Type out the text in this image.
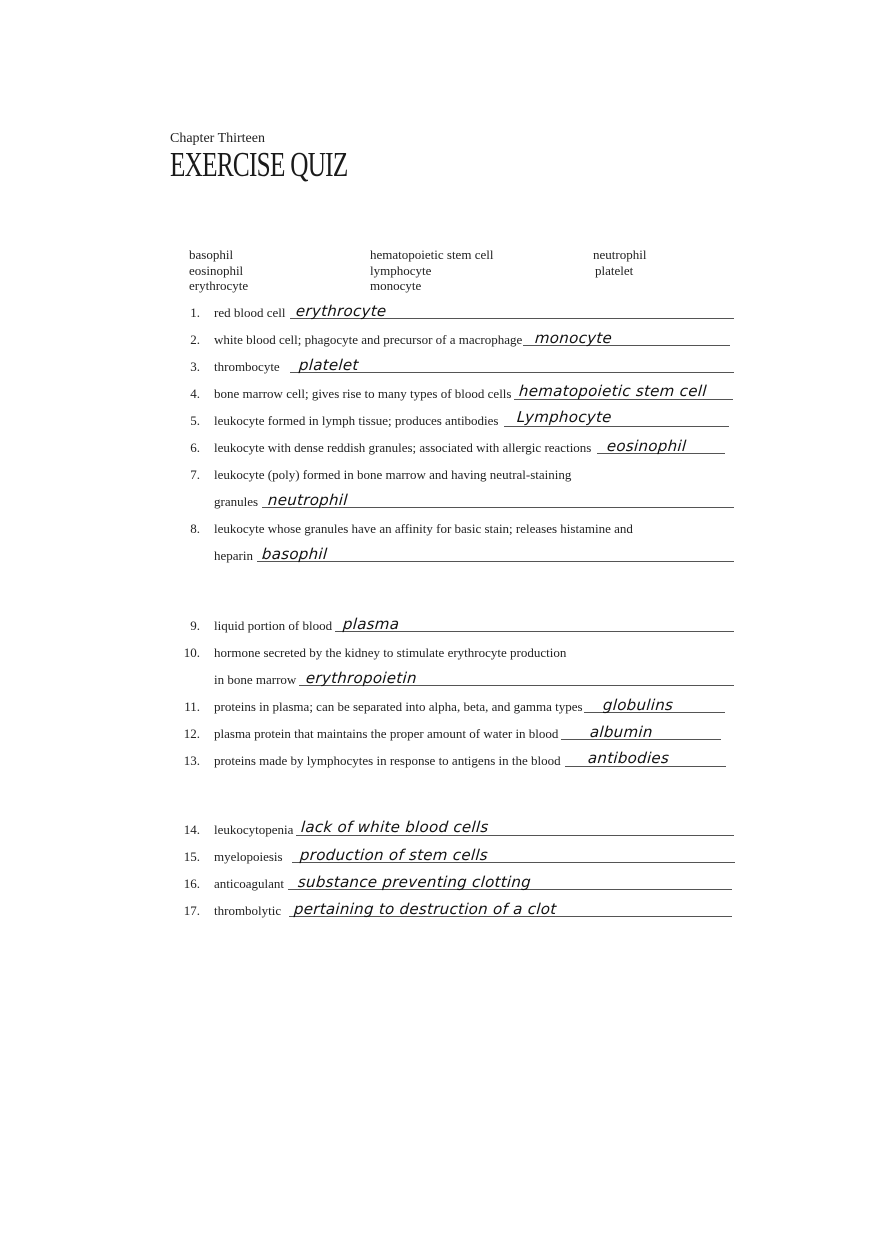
Chapter Thirteen
EXERCISE QUIZ
basophil
eosinophil
erythrocyte
hematopoietic stem cell
lymphocyte
monocyte
neutrophil
platelet
1. red blood cell erythrocyte
2. white blood cell; phagocyte and precursor of a macrophage monocyte
3. thrombocyte platelet
4. bone marrow cell; gives rise to many types of blood cells hematopoietic stem cell
5. leukocyte formed in lymph tissue; produces antibodies Lymphocyte
6. leukocyte with dense reddish granules; associated with allergic reactions eosinophil
7. leukocyte (poly) formed in bone marrow and having neutral-staining
granules neutrophil
8. leukocyte whose granules have an affinity for basic stain; releases histamine and
heparin basophil
9. liquid portion of blood plasma
10. hormone secreted by the kidney to stimulate erythrocyte production
in bone marrow erythropoietin
11. proteins in plasma; can be separated into alpha, beta, and gamma types globulins
12. plasma protein that maintains the proper amount of water in blood albumin
13. proteins made by lymphocytes in response to antigens in the blood antibodies
14. leukocytopenia lack of white blood cells
15. myelopoiesis production of stem cells
16. anticoagulant substance preventing clotting
17. thrombolytic pertaining to destruction of a clot
